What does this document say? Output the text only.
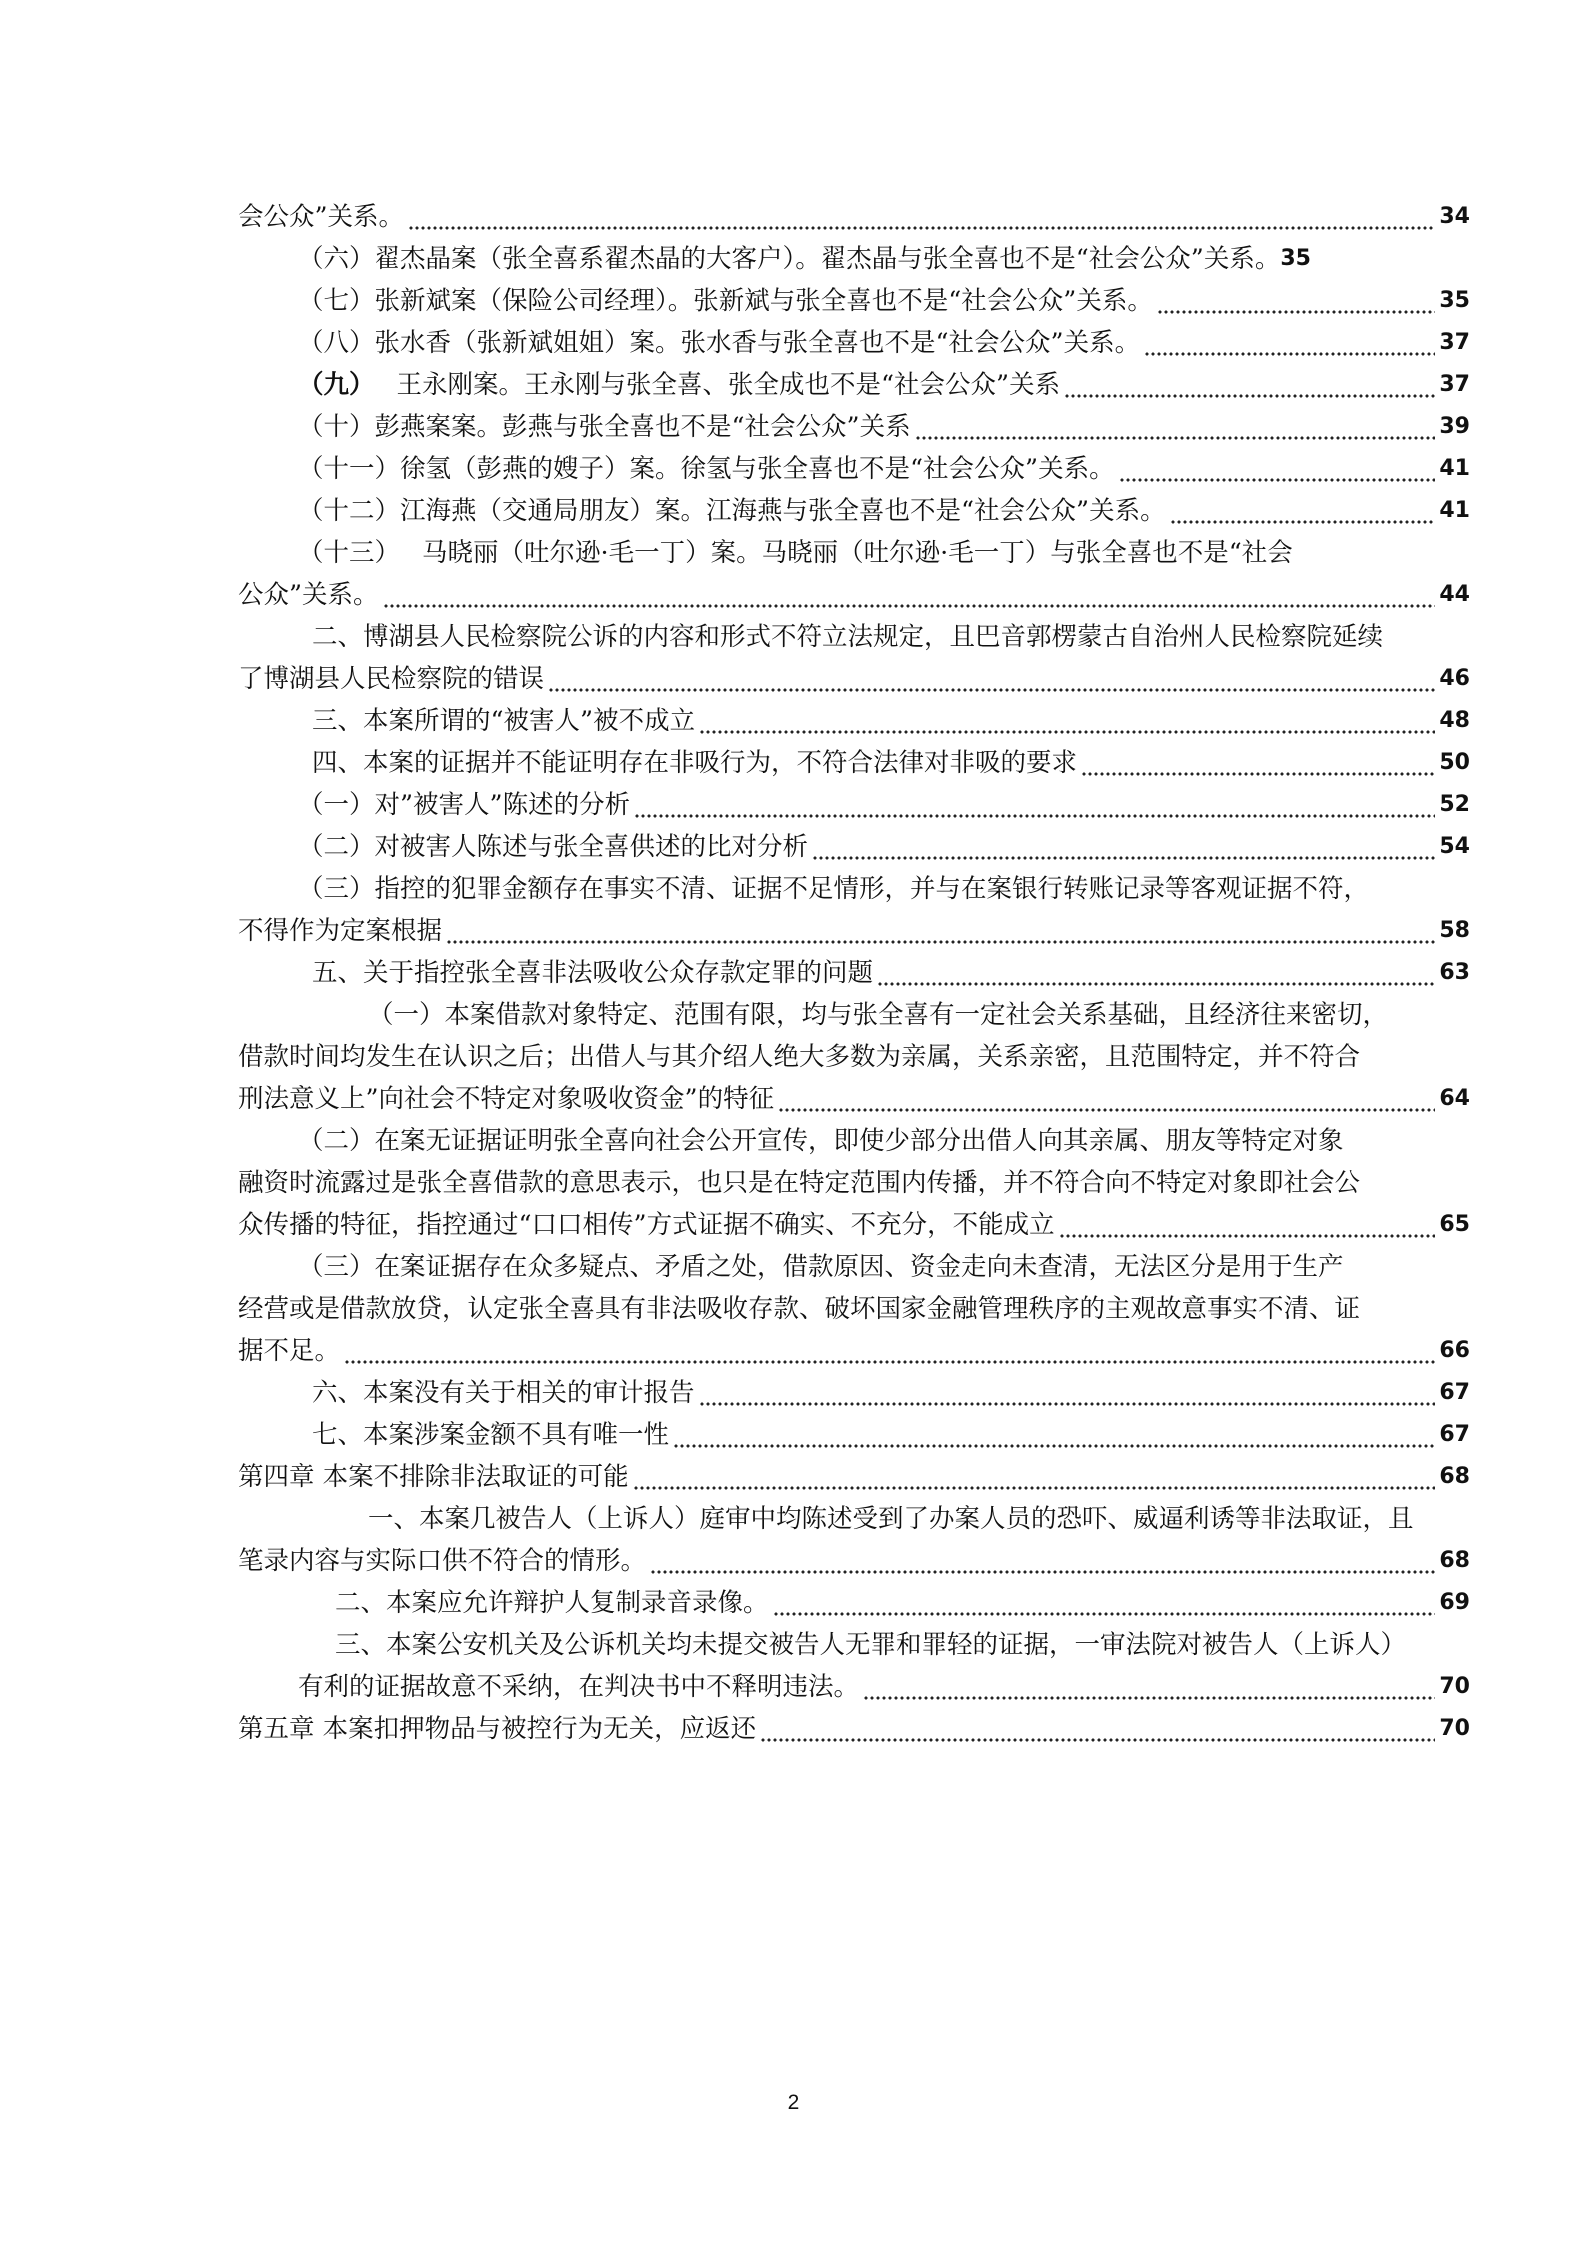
会公众”关系。	34
（六）翟杰晶案（张全喜系翟杰晶的大客户）。翟杰晶与张全喜也不是“社会公众”关系。 35
（七）张新斌案（保险公司经理）。张新斌与张全喜也不是“社会公众”关系。	35
（八）张水香（张新斌姐姐）案。张水香与张全喜也不是“社会公众”关系。	37
（九） 王永刚案。王永刚与张全喜、张全成也不是“社会公众”关系	37
（十）彭燕案案。彭燕与张全喜也不是“社会公众”关系	39
（十一）徐氢（彭燕的嫂子）案。徐氢与张全喜也不是“社会公众”关系。	41
（十二）江海燕（交通局朋友）案。江海燕与张全喜也不是“社会公众”关系。	41
（十三） 马晓丽（吐尔逊·毛一丁）案。马晓丽（吐尔逊·毛一丁）与张全喜也不是“社会
公众”关系。	44
二、博湖县人民检察院公诉的内容和形式不符立法规定，且巴音郭楞蒙古自治州人民检察院延续
了博湖县人民检察院的错误	46
三、本案所谓的“被害人”被不成立	48
四、本案的证据并不能证明存在非吸行为，不符合法律对非吸的要求	50
（一）对”被害人”陈述的分析	52
（二）对被害人陈述与张全喜供述的比对分析	54
（三）指控的犯罪金额存在事实不清、证据不足情形，并与在案银行转账记录等客观证据不符，
不得作为定案根据	58
五、关于指控张全喜非法吸收公众存款定罪的问题	63
（一）本案借款对象特定、范围有限，均与张全喜有一定社会关系基础，且经济往来密切，
借款时间均发生在认识之后；出借人与其介绍人绝大多数为亲属，关系亲密，且范围特定，并不符合
刑法意义上”向社会不特定对象吸收资金”的特征	64
（二）在案无证据证明张全喜向社会公开宣传，即使少部分出借人向其亲属、朋友等特定对象
融资时流露过是张全喜借款的意思表示，也只是在特定范围内传播，并不符合向不特定对象即社会公
众传播的特征，指控通过“口口相传”方式证据不确实、不充分，不能成立	65
（三）在案证据存在众多疑点、矛盾之处，借款原因、资金走向未查清，无法区分是用于生产
经营或是借款放贷，认定张全喜具有非法吸收存款、破坏国家金融管理秩序的主观故意事实不清、证
据不足。	66
六、本案没有关于相关的审计报告	67
七、本案涉案金额不具有唯一性	67
第四章 本案不排除非法取证的可能	68
一、本案几被告人（上诉人）庭审中均陈述受到了办案人员的恐吓、威逼利诱等非法取证，且
笔录内容与实际口供不符合的情形。	68
二、本案应允许辩护人复制录音录像。	69
三、本案公安机关及公诉机关均未提交被告人无罪和罪轻的证据，一审法院对被告人（上诉人）
有利的证据故意不采纳，在判决书中不释明违法。	70
第五章 本案扣押物品与被控行为无关，应返还	70
2
